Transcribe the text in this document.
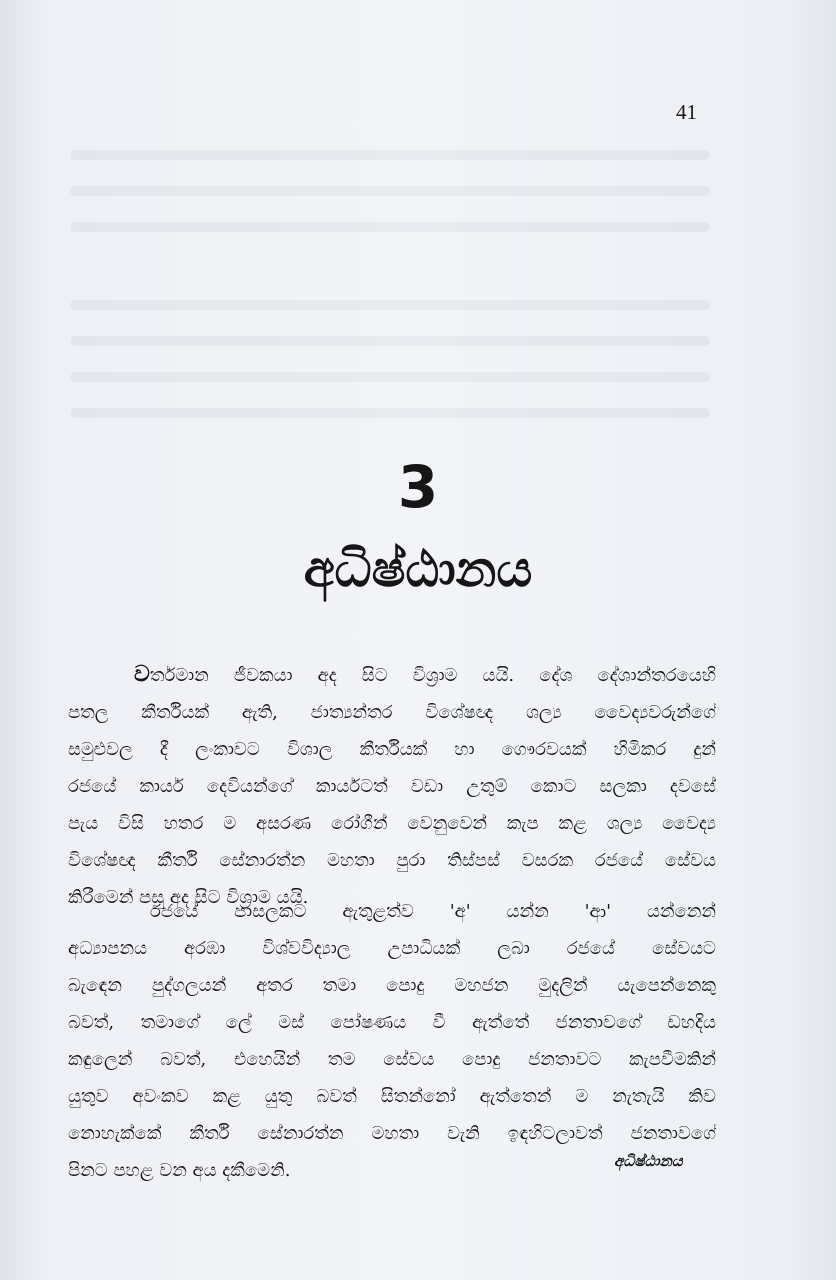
41
3
අධිෂ්ඨානය
වර්තමාන ජීවකයා අද සිට විශ්‍රාම යයි. දේශ දේශාන්තරයෙහි
පතල කීර්තියක් ඇති, ජාත්‍යන්තර විශේෂඥ ශල්‍ය වෛද්‍යවරුන්ගේ
සමුළුවල දී ලංකාවට විශාල කීර්තියක් හා ගෞරවයක් හිමිකර දුන්
රජයේ කාර්ය දෙවියන්ගේ කාර්යටත් වඩා උතුම් කොට සලකා දවසේ
පැය විසි හතර ම අසරණ රෝගීන් වෙනුවෙන් කැප කළ ශල්‍ය වෛද්‍ය
විශේෂඥ කීර්ති සේනාරත්න මහතා පුරා තිස්පස් වසරක රජයේ සේවය
කිරීමෙන් පසු අද සිට විශ්‍රාම යයි.
රජයේ පාසලකට ඇතුළත්ව 'අ' යන්න 'ආ' යන්නෙන්
අධ්‍යාපනය අරඹා විශ්වවිද්‍යාල උපාධියක් ලබා රජයේ සේවයට
බැඳෙන පුද්ගලයන් අතර තමා පොදු මහජන මුදලින් යැපෙන්නෙකු
බවත්, තමාගේ ලේ මස් පෝෂණය වී ඇත්තේ ජනතාවගේ ඩහදිය
කඳුලෙන් බවත්, එහෙයින් තම සේවය පොදු ජනතාවට කැපවීමකින්
යුතුව අවංකව කළ යුතු බවත් සිතන්නෝ ඇත්තෙන් ම නැතැයි කිව
නොහැක්කේ කීර්ති සේනාරත්න මහතා වැනි ඉඳහිටලාවත් ජනතාවගේ
පිනට පහළ වන අය දකීමෙනි.	අධිෂ්ඨානය
